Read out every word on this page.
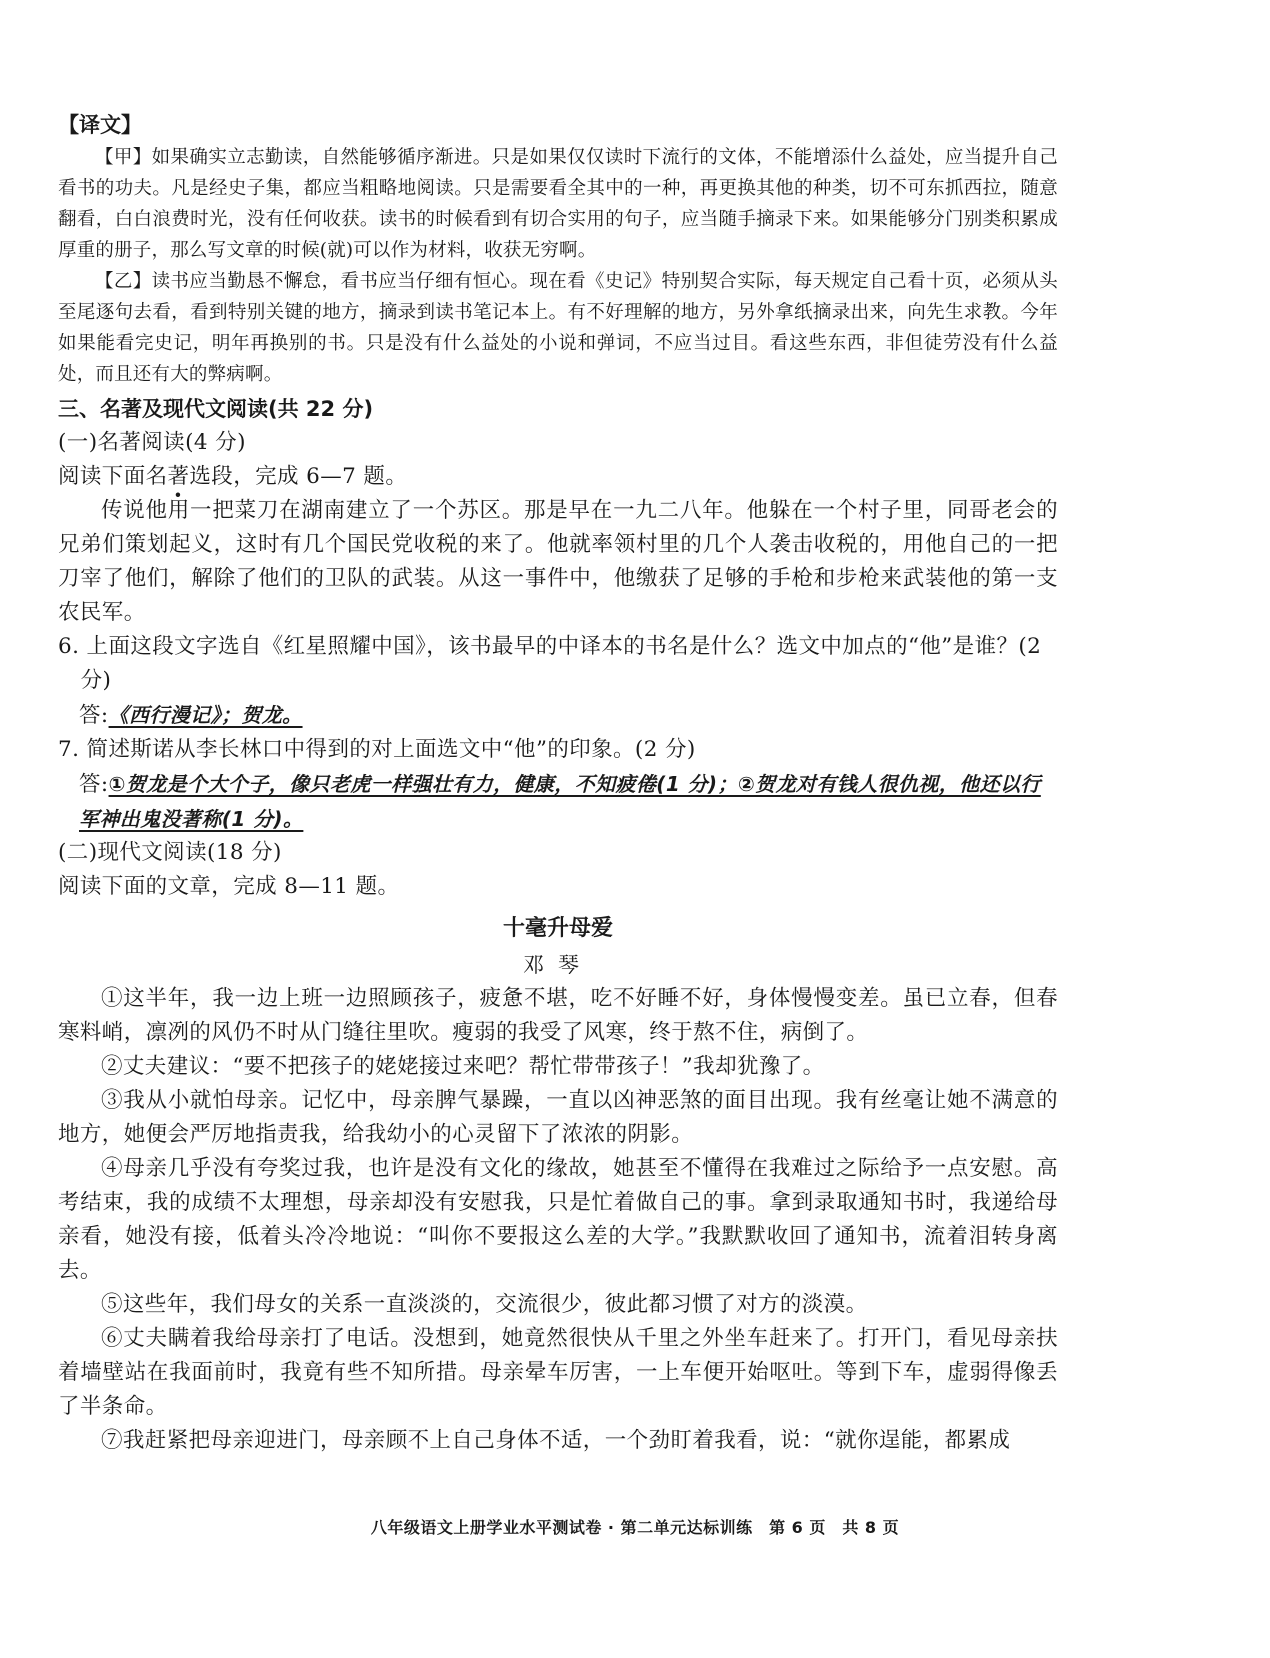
【译文】

【甲】如果确实立志勤读，自然能够循序渐进。只是如果仅仅读时下流行的文体，不能增添什么益处，应当提升自己看书的功夫。凡是经史子集，都应当粗略地阅读。只是需要看全其中的一种，再更换其他的种类，切不可东抓西拉，随意翻看，白白浪费时光，没有任何收获。读书的时候看到有切合实用的句子，应当随手摘录下来。如果能够分门别类积累成厚重的册子，那么写文章的时候(就)可以作为材料，收获无穷啊。

【乙】读书应当勤恳不懈怠，看书应当仔细有恒心。现在看《史记》特别契合实际，每天规定自己看十页，必须从头至尾逐句去看，看到特别关键的地方，摘录到读书笔记本上。有不好理解的地方，另外拿纸摘录出来，向先生求教。今年如果能看完史记，明年再换别的书。只是没有什么益处的小说和弹词，不应当过目。看这些东西，非但徒劳没有什么益处，而且还有大的弊病啊。

三、名著及现代文阅读(共 22 分)
(一)名著阅读(4 分)
阅读下面名著选段，完成 6—7 题。

传说他用一把菜刀在湖南建立了一个苏区。那是早在一九二八年。他躲在一个村子里，同哥老会的兄弟们策划起义，这时有几个国民党收税的来了。他就率领村里的几个人袭击收税的，用他自己的一把刀宰了他们，解除了他们的卫队的武装。从这一事件中，他缴获了足够的手枪和步枪来武装他的第一支农民军。

6. 上面这段文字选自《红星照耀中国》，该书最早的中译本的书名是什么？选文中加点的“他”是谁？(2 分)
答:《西行漫记》；贺龙。
7. 简述斯诺从李长林口中得到的对上面选文中“他”的印象。(2 分)
答:①贺龙是个大个子，像只老虎一样强壮有力，健康，不知疲倦(1 分)；②贺龙对有钱人很仇视，他还以行军神出鬼没著称(1 分)。
(二)现代文阅读(18 分)
阅读下面的文章，完成 8—11 题。
十毫升母爱
邓琴

①这半年，我一边上班一边照顾孩子，疲惫不堪，吃不好睡不好，身体慢慢变差。虽已立春，但春寒料峭，凛冽的风仍不时从门缝往里吹。瘦弱的我受了风寒，终于熬不住，病倒了。

②丈夫建议：“要不把孩子的姥姥接过来吧？帮忙带带孩子！”我却犹豫了。

③我从小就怕母亲。记忆中，母亲脾气暴躁，一直以凶神恶煞的面目出现。我有丝毫让她不满意的地方，她便会严厉地指责我，给我幼小的心灵留下了浓浓的阴影。

④母亲几乎没有夸奖过我，也许是没有文化的缘故，她甚至不懂得在我难过之际给予一点安慰。高考结束，我的成绩不太理想，母亲却没有安慰我，只是忙着做自己的事。拿到录取通知书时，我递给母亲看，她没有接，低着头冷冷地说：“叫你不要报这么差的大学。”我默默收回了通知书，流着泪转身离去。

⑤这些年，我们母女的关系一直淡淡的，交流很少，彼此都习惯了对方的淡漠。

⑥丈夫瞒着我给母亲打了电话。没想到，她竟然很快从千里之外坐车赶来了。打开门，看见母亲扶着墙壁站在我面前时，我竟有些不知所措。母亲晕车厉害，一上车便开始呕吐。等到下车，虚弱得像丢了半条命。

⑦我赶紧把母亲迎进门，母亲顾不上自己身体不适，一个劲盯着我看，说：“就你逞能，都累成

八年级语文上册学业水平测试卷 · 第二单元达标训练　第 6 页　共 8 页
